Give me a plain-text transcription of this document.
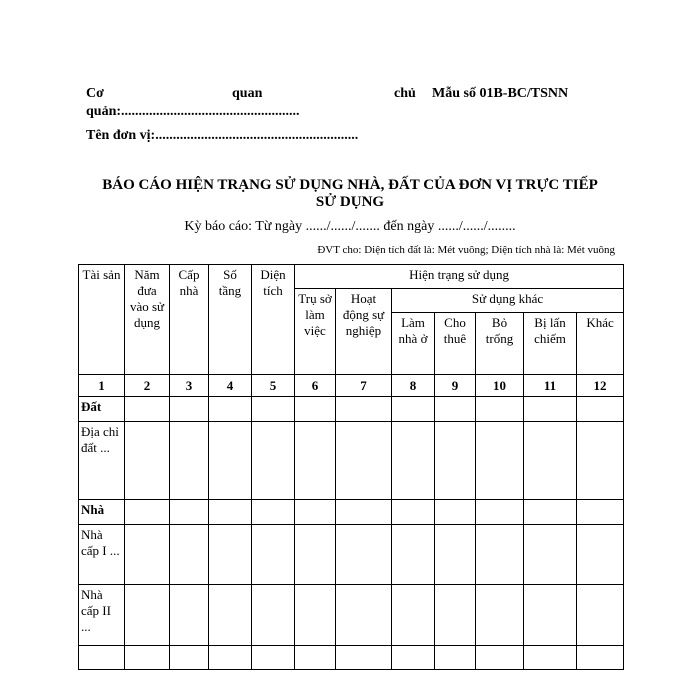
Cơ	quan	chủ Mẫu số 01B-BC/TSNN
quản:...................................................
Tên đơn vị:..........................................................
BÁO CÁO HIỆN TRẠNG SỬ DỤNG NHÀ, ĐẤT CỦA ĐƠN VỊ TRỰC TIẾP
SỬ DỤNG
Kỳ báo cáo: Từ ngày ....../....../....... đến ngày ....../....../........
ĐVT cho: Diện tích đất là: Mét vuông; Diện tích nhà là: Mét vuông
Tài sản	Năm đưa vào sử dụng	Cấp nhà	Số tầng	Diện tích	Hiện trạng sử dụng						
					Trụ sở làm việc	Hoạt động sự nghiệp	Sử dụng khác				
							Làm nhà ở	Cho thuê	Bỏ trống	Bị lấn chiếm	Khác
1	2	3	4	5	6	7	8	9	10	11	12
Đất											
Địa chỉ đất ...											
Nhà											
Nhà cấp I ...											
Nhà cấp II ...											
